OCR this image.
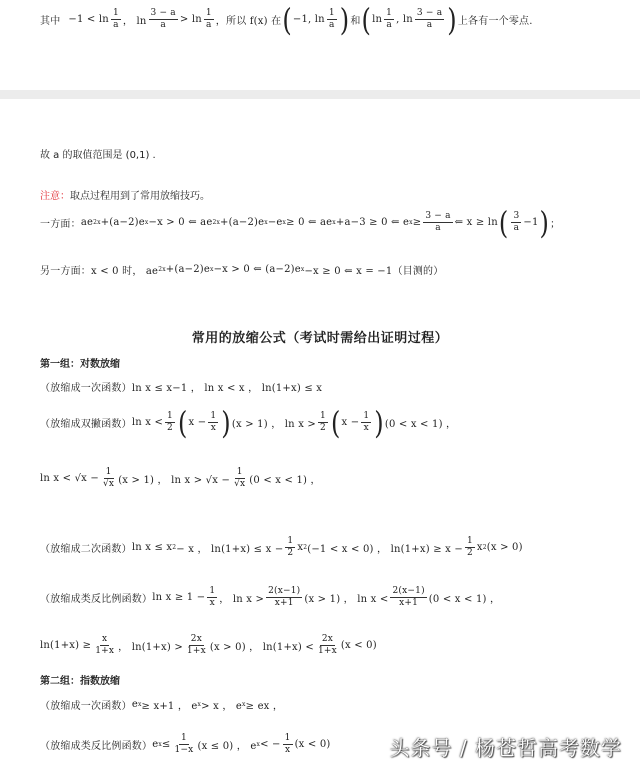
其中 $-1 < \ln \frac{1}{a}$ ， $\ln \frac{3 - a}{a} > \ln \frac{1}{a}$ ，所以 f(x) 在 ( −1, $\ln \frac{1}{a}$ ) 和 ( $\ln \frac{1}{a}$ , $\ln \frac{3 - a}{a}$ ) 上各有一个零点.
故 a 的取值范围是 (0,1) .
注意： 取点过程用到了常用放缩技巧。
一方面： ae 2x +(a−2)e x −x > 0 ⇐ ae 2x +(a−2)e x −e x ≥ 0 ⇐ ae x +a−3 ≥ 0 ⇐ e $x \ge \frac{3 - a}{a}$ ⇐ x ≥ ln ( $\frac{3}{a} -1$ ) ；
另一方面： x < 0 时， ae 2x +(a−2)e x −x > 0 ⇐ (a−2)e x −x ≥ 0 ⇐ x = −1（目测的）
常用的放缩公式（考试时需给出证明过程）
第一组：对数放缩
（放缩成一次函数） ln x ≤ x−1 ， ln x < x ， ln(1+x) ≤ x
（放缩成双撇函数） $\ln x < \frac{1}{2}$ ( $x - \frac{1}{x}$ ) (x > 1) ， $\ln x > \frac{1}{2}$ ( $x - \frac{1}{x}$ ) (0 < x < 1) ，
$\ln x < √x - \frac{1}{√x} (x > 1)$ ， $\ln x > √x - \frac{1}{√x} (0 < x < 1)$ ，
（放缩成二次函数） ln x ≤ x 2 − x ， $\ln(1+x) \le x - \frac{1}{2}$ x 2 (−1 < x < 0) ， $\ln(1+x) \ge x - \frac{1}{2}$ x 2 (x > 0)
（放缩成类反比例函数） $\ln x \ge 1 - \frac{1}{x}$ ， $\ln x > \frac{2(x-1)}{x+1} (x > 1)$ ， $\ln x < \frac{2(x-1)}{x+1} (0 < x < 1)$ ，
$\ln(1+x) \ge \frac{x}{1+x}$ ， $\ln(1+x) > \frac{2x}{1+x} (x > 0)$ ， $\ln(1+x) < \frac{2x}{1+x} (x < 0)$
第二组：指数放缩
（放缩成一次函数） e x ≥ x+1 ， e x > x ， e x ≥ ex ，
（放缩成类反比例函数） e $x \le \frac{1}{1-x} (x \le 0)$ ， e x < − $\frac{1}{x} (x < 0)$	头条号 / 杨苍哲高考数学
